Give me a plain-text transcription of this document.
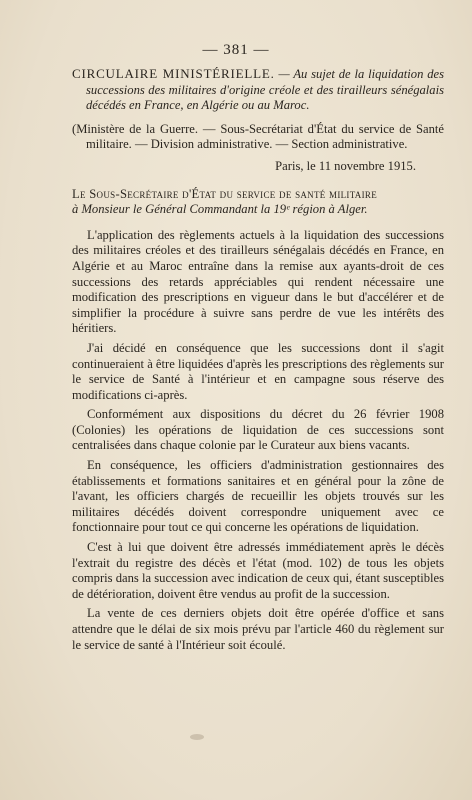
— 381 —

CIRCULAIRE MINISTÉRIELLE. — Au sujet de la liquidation des successions des militaires d'origine créole et des tirailleurs sénégalais décédés en France, en Algérie ou au Maroc.

(Ministère de la Guerre. — Sous-Secrétariat d'État du service de Santé militaire. — Division administrative. — Section administrative.

Paris, le 11 novembre 1915.

Le Sous-Secrétaire d'État du service de santé militaire
à Monsieur le Général Commandant la 19ᵉ région à Alger.

L'application des règlements actuels à la liquidation des successions des militaires créoles et des tirailleurs sénégalais décédés en France, en Algérie et au Maroc entraîne dans la remise aux ayants-droit de ces successions des retards appréciables qui rendent nécessaire une modification des prescriptions en vigueur dans le but d'accélérer et de simplifier la procédure à suivre sans perdre de vue les intérêts des héritiers.

J'ai décidé en conséquence que les successions dont il s'agit continueraient à être liquidées d'après les prescriptions des règlements sur le service de Santé à l'intérieur et en campagne sous réserve des modifications ci-après.

Conformément aux dispositions du décret du 26 février 1908 (Colonies) les opérations de liquidation de ces successions sont centralisées dans chaque colonie par le Curateur aux biens vacants.

En conséquence, les officiers d'administration gestionnaires des établissements et formations sanitaires et en général pour la zône de l'avant, les officiers chargés de recueillir les objets trouvés sur les militaires décédés doivent correspondre uniquement avec ce fonctionnaire pour tout ce qui concerne les opérations de liquidation.

C'est à lui que doivent être adressés immédiatement après le décès l'extrait du registre des décès et l'état (mod. 102) de tous les objets compris dans la succession avec indication de ceux qui, étant susceptibles de détérioration, doivent être vendus au profit de la succession.

La vente de ces derniers objets doit être opérée d'office et sans attendre que le délai de six mois prévu par l'article 460 du règlement sur le service de santé à l'Intérieur soit écoulé.
